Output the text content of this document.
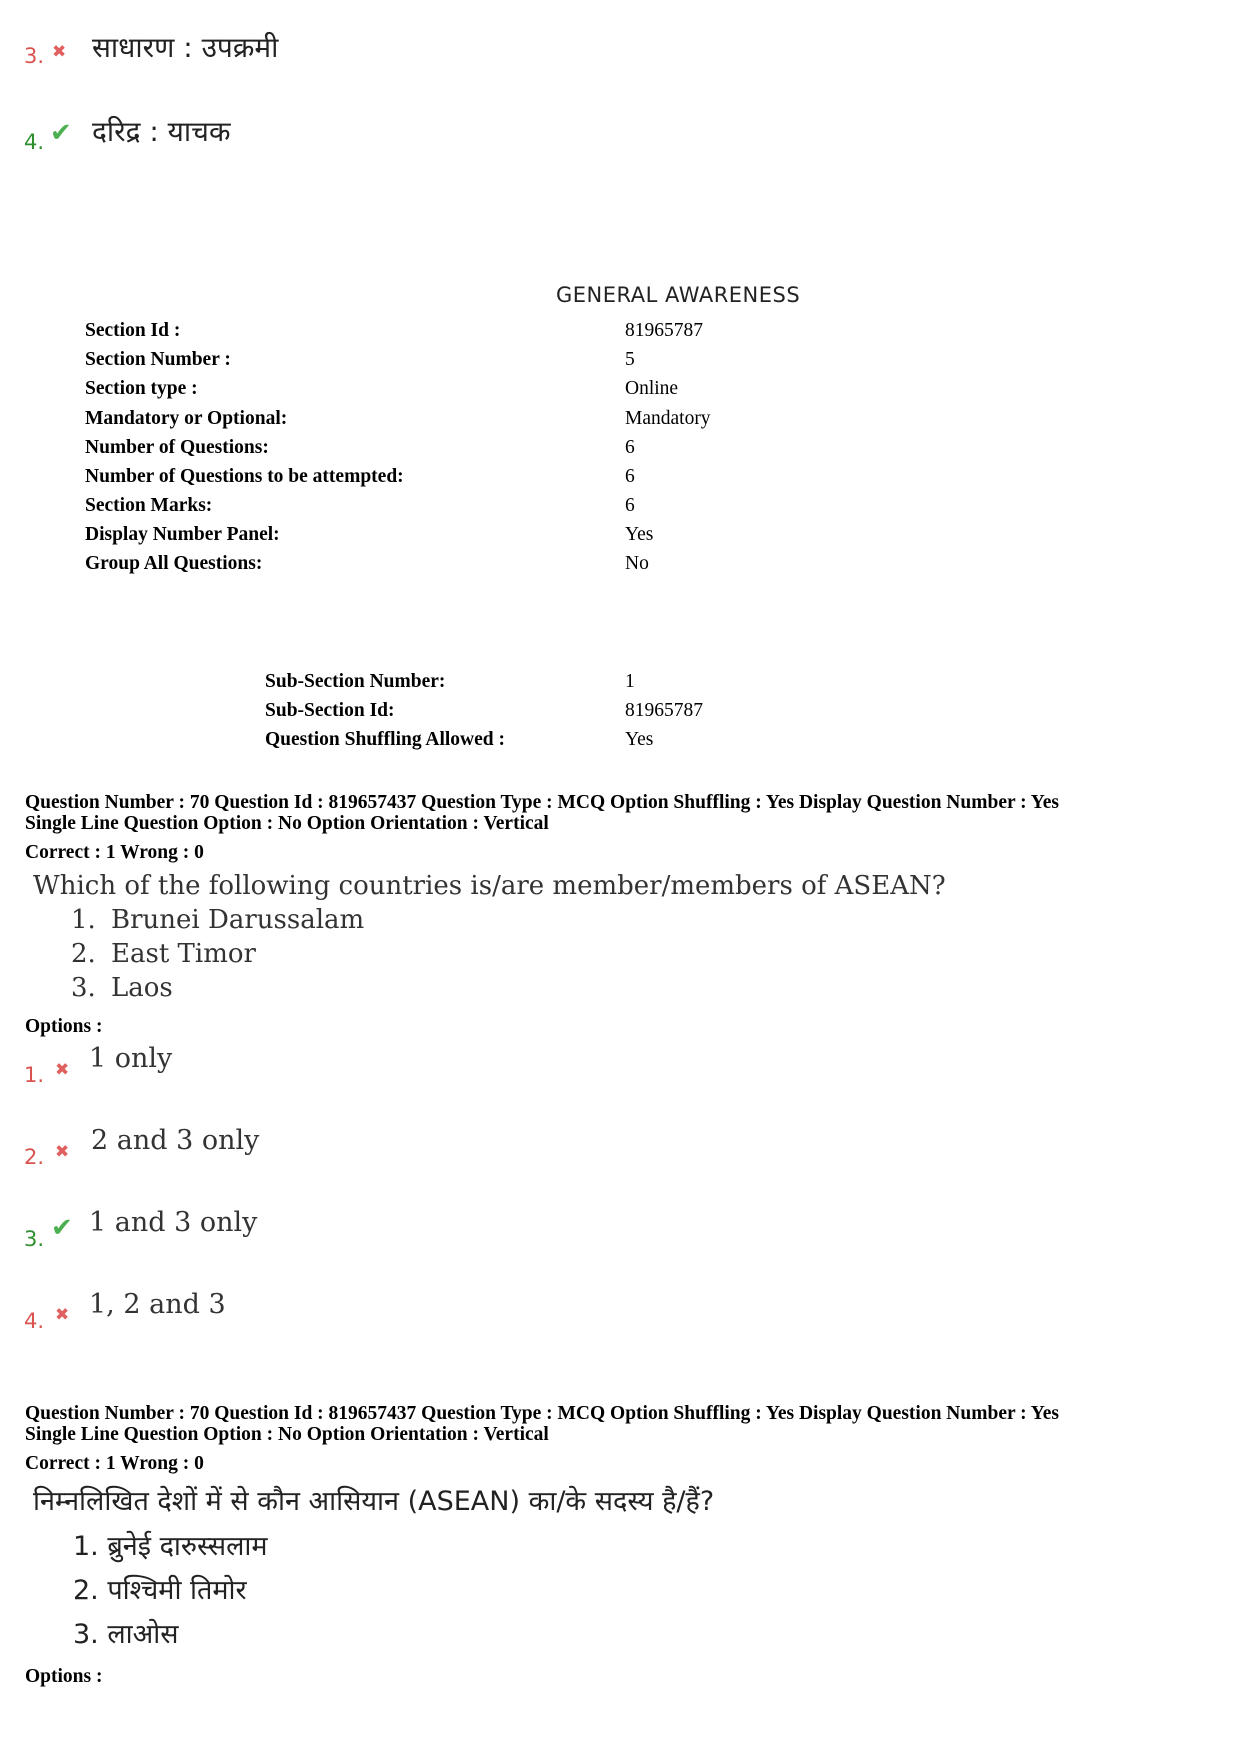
3. ✖ साधारण : उपक्रमी
4. ✔ दरिद्र : याचक
GENERAL AWARENESS
Section Id :	81965787
Section Number :	5
Section type :	Online
Mandatory or Optional:	Mandatory
Number of Questions:	6
Number of Questions to be attempted:	6
Section Marks:	6
Display Number Panel:	Yes
Group All Questions:	No
Sub-Section Number:	1
Sub-Section Id:	81965787
Question Shuffling Allowed :	Yes
Question Number : 70 Question Id : 819657437 Question Type : MCQ Option Shuffling : Yes Display Question Number : Yes
Single Line Question Option : No Option Orientation : Vertical
Correct : 1 Wrong : 0
Which of the following countries is/are member/members of ASEAN?
1. Brunei Darussalam
2. East Timor
3. Laos
Options :
1. ✖ 1 only
2. ✖ 2 and 3 only
3. ✔ 1 and 3 only
4. ✖ 1, 2 and 3
Question Number : 70 Question Id : 819657437 Question Type : MCQ Option Shuffling : Yes Display Question Number : Yes
Single Line Question Option : No Option Orientation : Vertical
Correct : 1 Wrong : 0
निम्नलिखित देशों में से कौन आसियान (ASEAN) का/के सदस्य है/हैं?
1. ब्रुनेई दारुस्सलाम
2. पश्चिमी तिमोर
3. लाओस
Options :
